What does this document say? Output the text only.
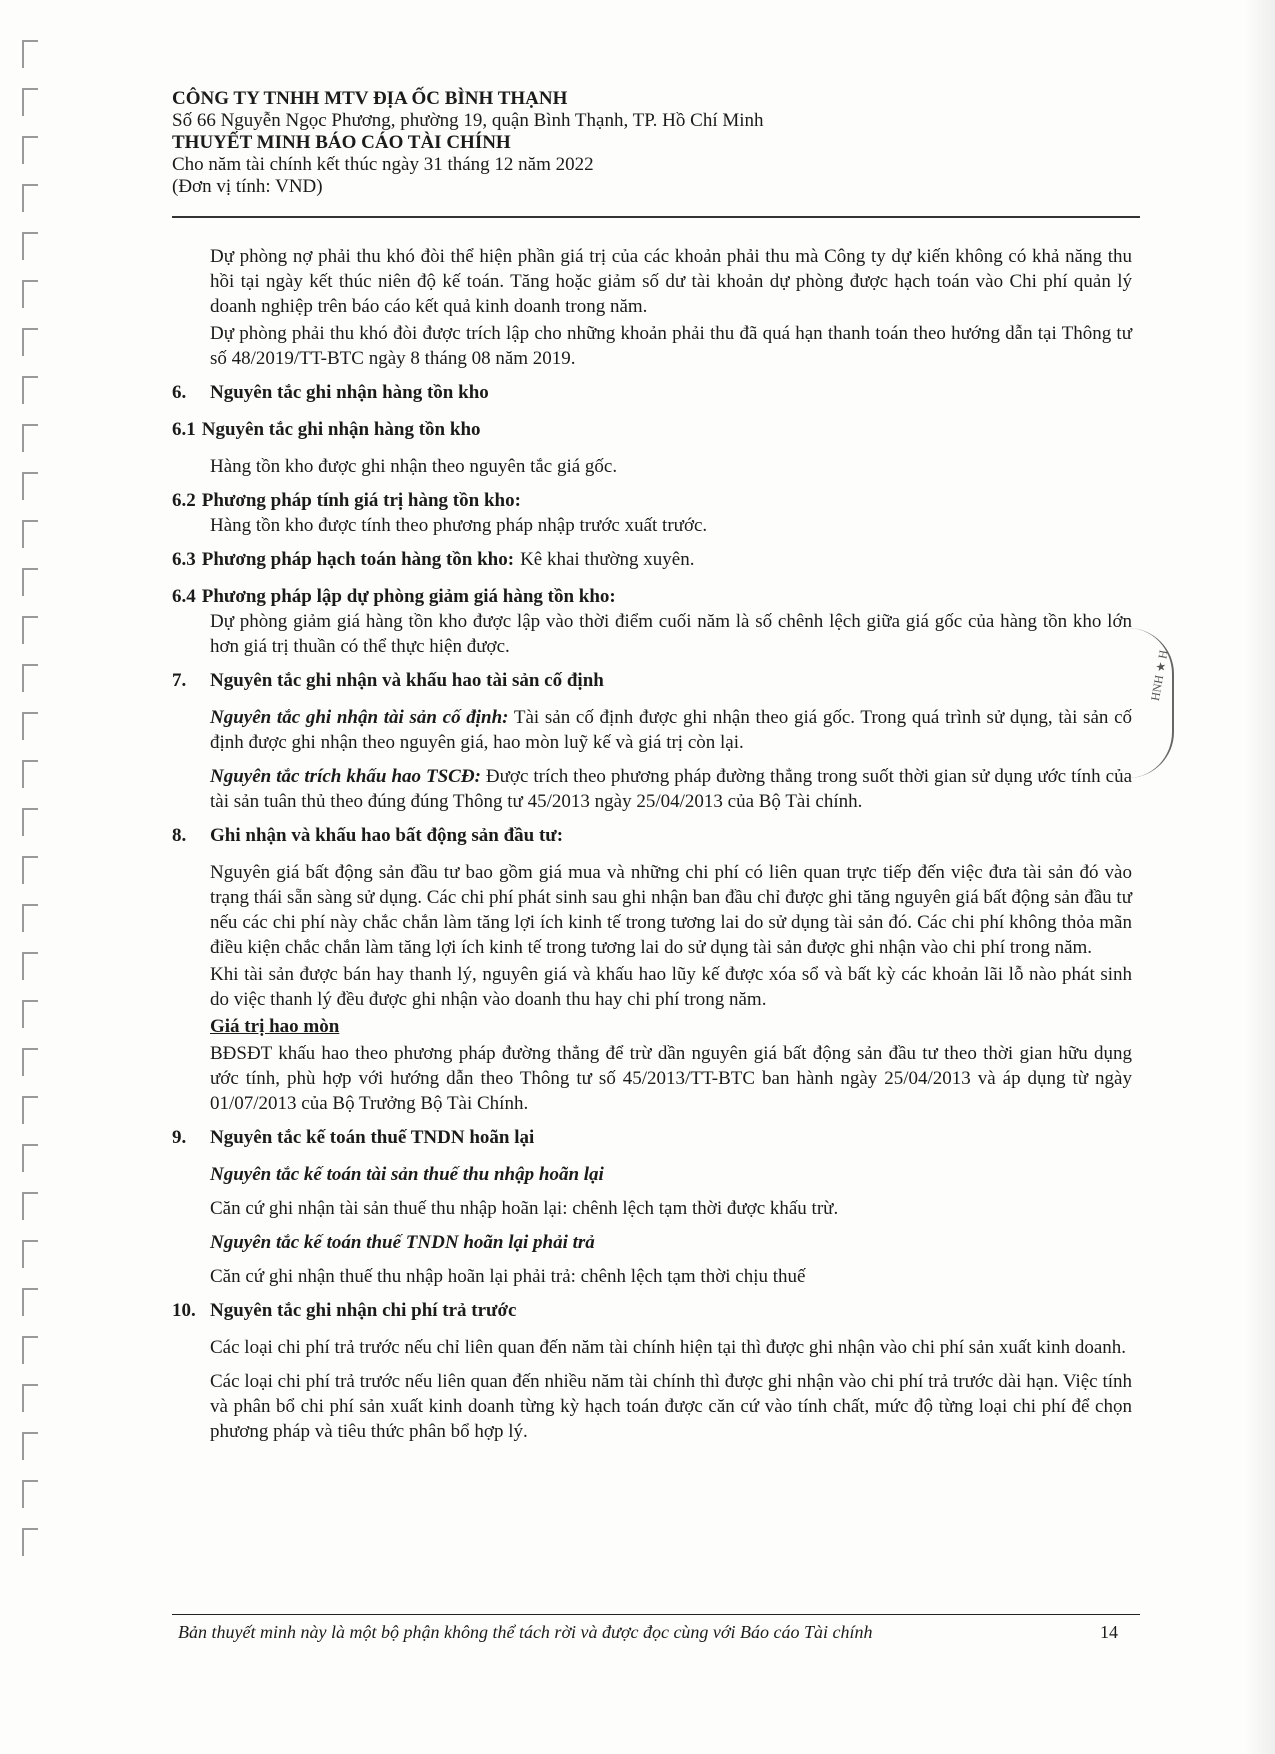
CÔNG TY TNHH MTV ĐỊA ỐC BÌNH THẠNH
Số 66 Nguyễn Ngọc Phương, phường 19, quận Bình Thạnh, TP. Hồ Chí Minh
THUYẾT MINH BÁO CÁO TÀI CHÍNH
Cho năm tài chính kết thúc ngày 31 tháng 12 năm 2022
(Đơn vị tính: VND)

Dự phòng nợ phải thu khó đòi thể hiện phần giá trị của các khoản phải thu mà Công ty dự kiến không có khả năng thu hồi tại ngày kết thúc niên độ kế toán. Tăng hoặc giảm số dư tài khoản dự phòng được hạch toán vào Chi phí quản lý doanh nghiệp trên báo cáo kết quả kinh doanh trong năm.

Dự phòng phải thu khó đòi được trích lập cho những khoản phải thu đã quá hạn thanh toán theo hướng dẫn tại Thông tư số 48/2019/TT-BTC ngày 8 tháng 08 năm 2019.

6.	Nguyên tắc ghi nhận hàng tồn kho
6.1 Nguyên tắc ghi nhận hàng tồn kho

Hàng tồn kho được ghi nhận theo nguyên tắc giá gốc.

6.2 Phương pháp tính giá trị hàng tồn kho:

Hàng tồn kho được tính theo phương pháp nhập trước xuất trước.

6.3 Phương pháp hạch toán hàng tồn kho: Kê khai thường xuyên.
6.4 Phương pháp lập dự phòng giảm giá hàng tồn kho:

Dự phòng giảm giá hàng tồn kho được lập vào thời điểm cuối năm là số chênh lệch giữa giá gốc của hàng tồn kho lớn hơn giá trị thuần có thể thực hiện được.

7.	Nguyên tắc ghi nhận và khấu hao tài sản cố định

Nguyên tắc ghi nhận tài sản cố định: Tài sản cố định được ghi nhận theo giá gốc. Trong quá trình sử dụng, tài sản cố định được ghi nhận theo nguyên giá, hao mòn luỹ kế và giá trị còn lại.

Nguyên tắc trích khấu hao TSCĐ: Được trích theo phương pháp đường thẳng trong suốt thời gian sử dụng ước tính của tài sản tuân thủ theo đúng đúng Thông tư 45/2013 ngày 25/04/2013 của Bộ Tài chính.

8.	Ghi nhận và khấu hao bất động sản đầu tư:

Nguyên giá bất động sản đầu tư bao gồm giá mua và những chi phí có liên quan trực tiếp đến việc đưa tài sản đó vào trạng thái sẵn sàng sử dụng. Các chi phí phát sinh sau ghi nhận ban đầu chỉ được ghi tăng nguyên giá bất động sản đầu tư nếu các chi phí này chắc chắn làm tăng lợi ích kinh tế trong tương lai do sử dụng tài sản đó. Các chi phí không thỏa mãn điều kiện chắc chắn làm tăng lợi ích kinh tế trong tương lai do sử dụng tài sản được ghi nhận vào chi phí trong năm.

Khi tài sản được bán hay thanh lý, nguyên giá và khấu hao lũy kế được xóa sổ và bất kỳ các khoản lãi lỗ nào phát sinh do việc thanh lý đều được ghi nhận vào doanh thu hay chi phí trong năm.

Giá trị hao mòn

BĐSĐT khấu hao theo phương pháp đường thẳng để trừ dần nguyên giá bất động sản đầu tư theo thời gian hữu dụng ước tính, phù hợp với hướng dẫn theo Thông tư số 45/2013/TT-BTC ban hành ngày 25/04/2013 và áp dụng từ ngày 01/07/2013 của Bộ Trưởng Bộ Tài Chính.

9.	Nguyên tắc kế toán thuế TNDN hoãn lại

Nguyên tắc kế toán tài sản thuế thu nhập hoãn lại

Căn cứ ghi nhận tài sản thuế thu nhập hoãn lại: chênh lệch tạm thời được khấu trừ.

Nguyên tắc kế toán thuế TNDN hoãn lại phải trả

Căn cứ ghi nhận thuế thu nhập hoãn lại phải trả: chênh lệch tạm thời chịu thuế

10. Nguyên tắc ghi nhận chi phí trả trước

Các loại chi phí trả trước nếu chỉ liên quan đến năm tài chính hiện tại thì được ghi nhận vào chi phí sản xuất kinh doanh.

Các loại chi phí trả trước nếu liên quan đến nhiều năm tài chính thì được ghi nhận vào chi phí trả trước dài hạn. Việc tính và phân bổ chi phí sản xuất kinh doanh từng kỳ hạch toán được căn cứ vào tính chất, mức độ từng loại chi phí để chọn phương pháp và tiêu thức phân bổ hợp lý.

HNH ★ H
Bản thuyết minh này là một bộ phận không thể tách rời và được đọc cùng với Báo cáo Tài chính	14
